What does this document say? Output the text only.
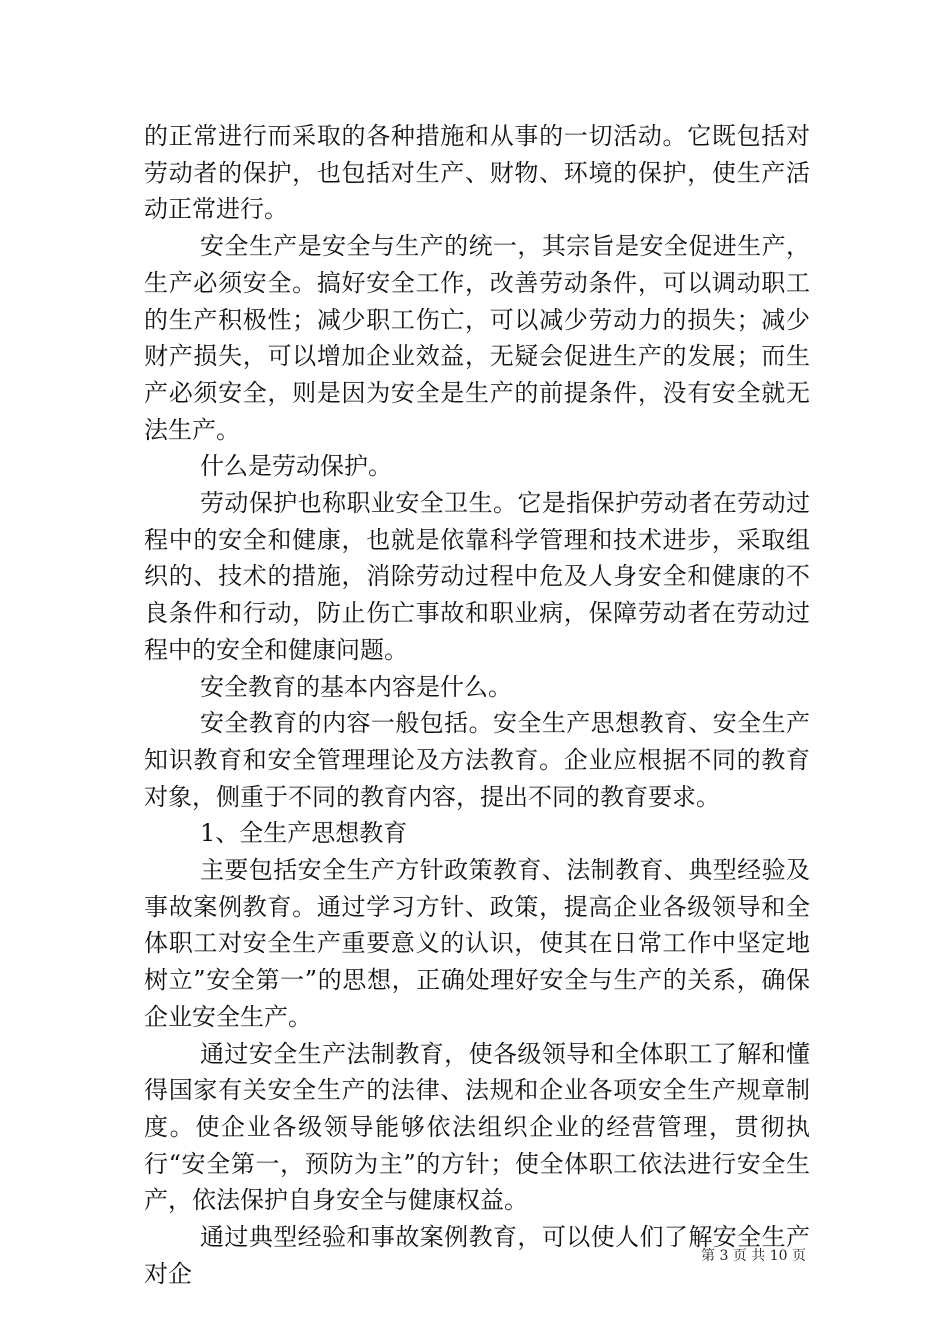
的正常进行而采取的各种措施和从事的一切活动。它既包括对劳动者的保护，也包括对生产、财物、环境的保护，使生产活动正常进行。

安全生产是安全与生产的统一，其宗旨是安全促进生产，生产必须安全。搞好安全工作，改善劳动条件，可以调动职工的生产积极性；减少职工伤亡，可以减少劳动力的损失；减少财产损失，可以增加企业效益，无疑会促进生产的发展；而生产必须安全，则是因为安全是生产的前提条件，没有安全就无法生产。

什么是劳动保护。

劳动保护也称职业安全卫生。它是指保护劳动者在劳动过程中的安全和健康，也就是依靠科学管理和技术进步，采取组织的、技术的措施，消除劳动过程中危及人身安全和健康的不良条件和行动，防止伤亡事故和职业病，保障劳动者在劳动过程中的安全和健康问题。

安全教育的基本内容是什么。

安全教育的内容一般包括。安全生产思想教育、安全生产知识教育和安全管理理论及方法教育。企业应根据不同的教育对象，侧重于不同的教育内容，提出不同的教育要求。

1、全生产思想教育

主要包括安全生产方针政策教育、法制教育、典型经验及事故案例教育。通过学习方针、政策，提高企业各级领导和全体职工对安全生产重要意义的认识，使其在日常工作中坚定地树立”安全第一”的思想，正确处理好安全与生产的关系，确保企业安全生产。

通过安全生产法制教育，使各级领导和全体职工了解和懂得国家有关安全生产的法律、法规和企业各项安全生产规章制度。使企业各级领导能够依法组织企业的经营管理，贯彻执行“安全第一，预防为主”的方针；使全体职工依法进行安全生产，依法保护自身安全与健康权益。

通过典型经验和事故案例教育，可以使人们了解安全生产对企

第 3 页 共 10 页
